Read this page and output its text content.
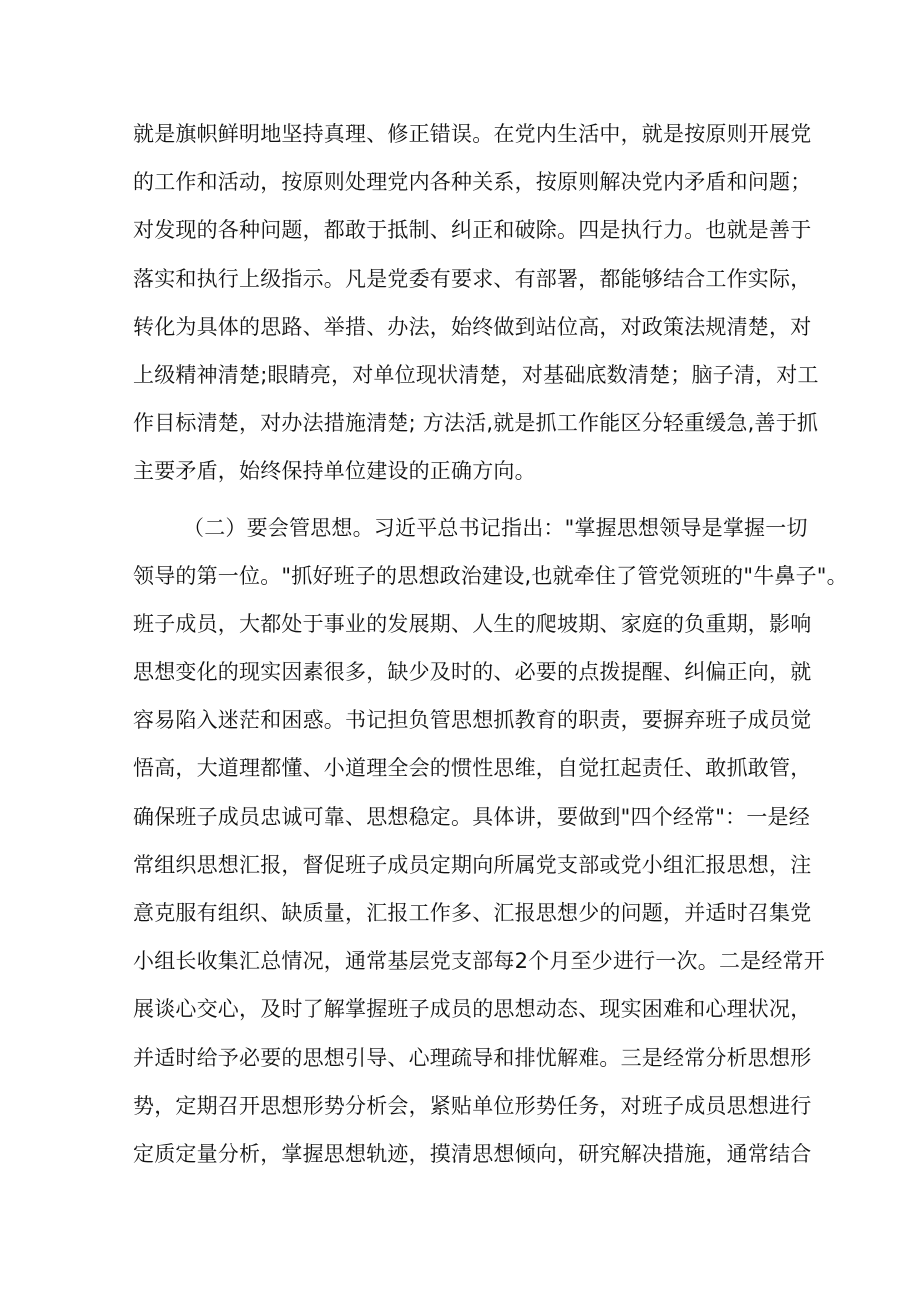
就是旗帜鲜明地坚持真理、修正错误。在党内生活中，就是按原则开展党
的工作和活动，按原则处理党内各种关系，按原则解决党内矛盾和问题；
对发现的各种问题，都敢于抵制、纠正和破除。四是执行力。也就是善于
落实和执行上级指示。凡是党委有要求、有部署，都能够结合工作实际，
转化为具体的思路、举措、办法，始终做到站位高，对政策法规清楚，对
上级精神清楚;眼睛亮，对单位现状清楚，对基础底数清楚；脑子清，对工
作目标清楚，对办法措施清楚; 方法活,就是抓工作能区分轻重缓急,善于抓
主要矛盾，始终保持单位建设的正确方向。
（二）要会管思想。习近平总书记指出："掌握思想领导是掌握一切
领导的第一位。"抓好班子的思想政治建设,也就牵住了管党领班的"牛鼻子"。
班子成员，大都处于事业的发展期、人生的爬坡期、家庭的负重期，影响
思想变化的现实因素很多，缺少及时的、必要的点拨提醒、纠偏正向，就
容易陷入迷茫和困惑。书记担负管思想抓教育的职责，要摒弃班子成员觉
悟高，大道理都懂、小道理全会的惯性思维，自觉扛起责任、敢抓敢管，
确保班子成员忠诚可靠、思想稳定。具体讲，要做到"四个经常"：一是经
常组织思想汇报，督促班子成员定期向所属党支部或党小组汇报思想，注
意克服有组织、缺质量，汇报工作多、汇报思想少的问题，并适时召集党
小组长收集汇总情况，通常基层党支部每2个月至少进行一次。二是经常开
展谈心交心，及时了解掌握班子成员的思想动态、现实困难和心理状况，
并适时给予必要的思想引导、心理疏导和排忧解难。三是经常分析思想形
势，定期召开思想形势分析会，紧贴单位形势任务，对班子成员思想进行
定质定量分析，掌握思想轨迹，摸清思想倾向，研究解决措施，通常结合
